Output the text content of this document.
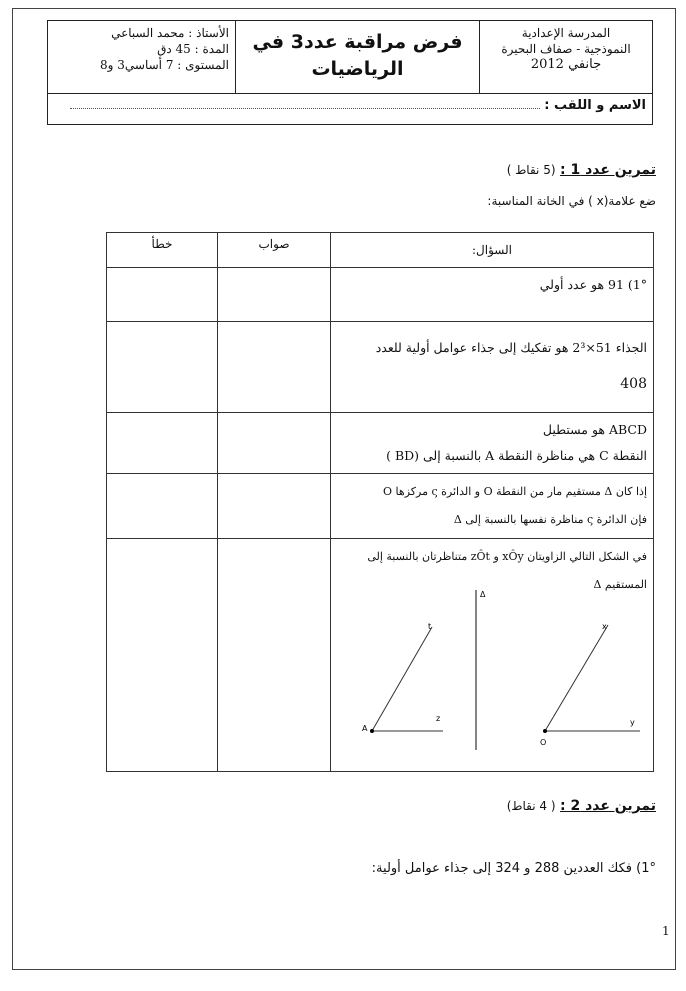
المدرسة الإعدادية
النموذجية - صفاف البحيرة
جانفي 2012
فرض مراقبة عدد3 في الرياضيات
الأستاذ : محمد السباعي
المدة : 45 دق
المستوى : 7 أساسي3 و8
الاسم و اللقب :
تمرين عدد 1 : (5 نقاط )
ضع علامة(x ) في الخانة المناسبة:
السؤال:	صواب	خطأ

1°) 91 هو عدد أولي		

الجذاء 51×2³ هو تفكيك إلى جذاء عوامل أولية للعدد
408		

ABCD هو مستطيل
النقطة C هي مناظرة النقطة A بالنسبة إلى (BD )		

إذا كان Δ مستقيم مار من النقطة O و الدائرة ς مركزها O
فإن الدائرة ς مناظرة نفسها بالنسبة إلى Δ		

في الشكل التالي الزاويتان xÔy و zÔt متناظرتان بالنسبة إلى
المستقيم Δ		

Δ
A
t
z
O
x
y
تمرين عدد 2 : ( 4 نقاط)
1°) فكك العددين 288 و 324 إلى جذاء عوامل أولية:
1
